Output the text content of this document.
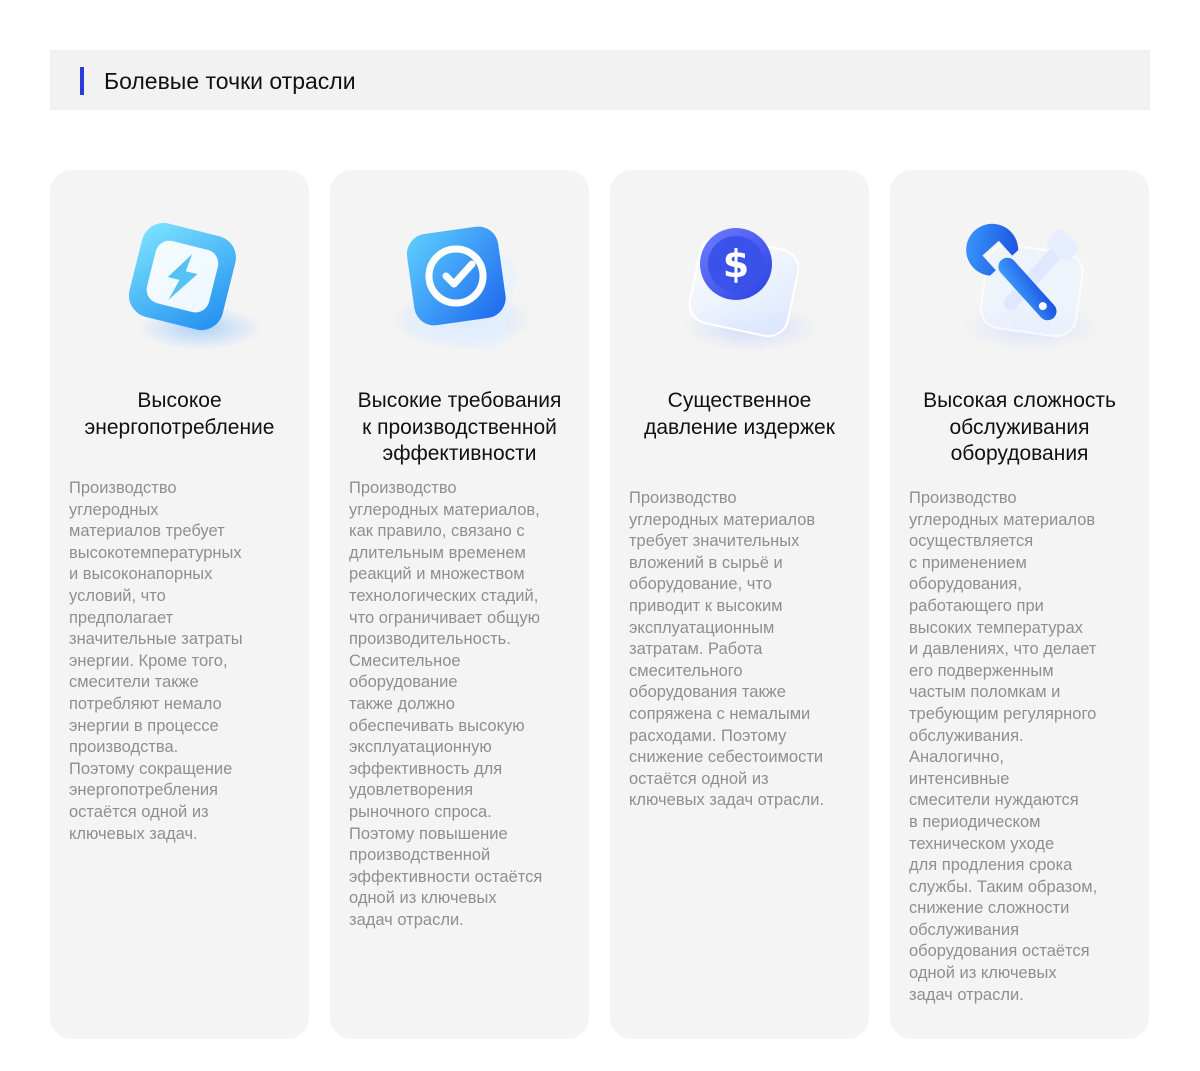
Болевые точки отрасли
Высокое
энергопотребление
Производство
углеродных
материалов требует
высокотемпературных
и высоконапорных
условий, что
предполагает
значительные затраты
энергии. Кроме того,
смесители также
потребляют немало
энергии в процессе
производства.
Поэтому сокращение
энергопотребления
остаётся одной из
ключевых задач.
Высокие требования
к производственной
эффективности
Производство
углеродных материалов,
как правило, связано с
длительным временем
реакций и множеством
технологических стадий,
что ограничивает общую
производительность.
Смесительное
оборудование
также должно
обеспечивать высокую
эксплуатационную
эффективность для
удовлетворения
рыночного спроса.
Поэтому повышение
производственной
эффективности остаётся
одной из ключевых
задач отрасли.
$
Существенное
давление издержек
Производство
углеродных материалов
требует значительных
вложений в сырьё и
оборудование, что
приводит к высоким
эксплуатационным
затратам. Работа
смесительного
оборудования также
сопряжена с немалыми
расходами. Поэтому
снижение себестоимости
остаётся одной из
ключевых задач отрасли.
Высокая сложность
обслуживания
оборудования
Производство
углеродных материалов
осуществляется
с применением
оборудования,
работающего при
высоких температурах
и давлениях, что делает
его подверженным
частым поломкам и
требующим регулярного
обслуживания.
Аналогично,
интенсивные
смесители нуждаются
в периодическом
техническом уходе
для продления срока
службы. Таким образом,
снижение сложности
обслуживания
оборудования остаётся
одной из ключевых
задач отрасли.
